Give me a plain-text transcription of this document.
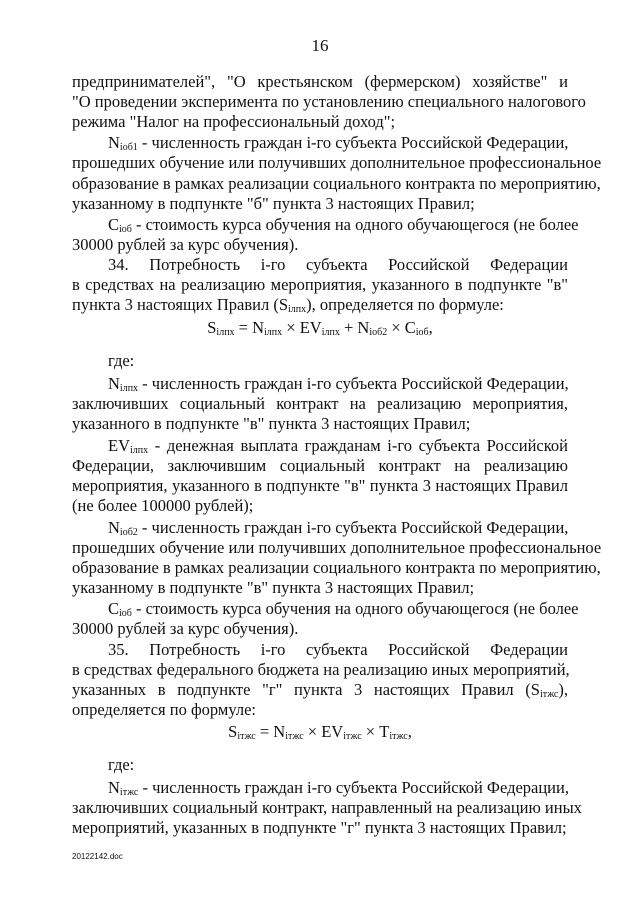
16
предпринимателей", "О крестьянском (фермерском) хозяйстве" и
"О проведении эксперимента по установлению специального налогового
режима "Налог на профессиональный доход";
$N_{iоб1}$ - численность граждан i-го субъекта Российской Федерации,
прошедших обучение или получивших дополнительное профессиональное
образование в рамках реализации социального контракта по мероприятию,
указанному в подпункте "б" пункта 3 настоящих Правил;
$C_{iоб}$ - стоимость курса обучения на одного обучающегося (не более
30000 рублей за курс обучения).
34. Потребность i-го субъекта Российской Федерации
в средствах на реализацию мероприятия, указанного в подпункте "в"
пункта 3 настоящих Правил $(S_{iлпх})$, определяется по формуле:
$S_{iлпх} = N_{iлпх} \times EV_{iлпх} + N_{iоб2} \times C_{iоб}$,
где:
$N_{iлпх}$ - численность граждан i-го субъекта Российской Федерации,
заключивших социальный контракт на реализацию мероприятия,
указанного в подпункте "в" пункта 3 настоящих Правил;
$EV_{iлпх}$ - денежная выплата гражданам i-го субъекта Российской
Федерации, заключившим социальный контракт на реализацию
мероприятия, указанного в подпункте "в" пункта 3 настоящих Правил
(не более 100000 рублей);
$N_{iоб2}$ - численность граждан i-го субъекта Российской Федерации,
прошедших обучение или получивших дополнительное профессиональное
образование в рамках реализации социального контракта по мероприятию,
указанному в подпункте "в" пункта 3 настоящих Правил;
$C_{iоб}$ - стоимость курса обучения на одного обучающегося (не более
30000 рублей за курс обучения).
35. Потребность i-го субъекта Российской Федерации
в средствах федерального бюджета на реализацию иных мероприятий,
указанных в подпункте "г" пункта 3 настоящих Правил $(S_{iтжс})$,
определяется по формуле:
$S_{iтжс} = N_{iтжс} \times EV_{iтжс} \times T_{iтжс}$,
где:
$N_{iтжс}$ - численность граждан i-го субъекта Российской Федерации,
заключивших социальный контракт, направленный на реализацию иных
мероприятий, указанных в подпункте "г" пункта 3 настоящих Правил;
20122142.doc
